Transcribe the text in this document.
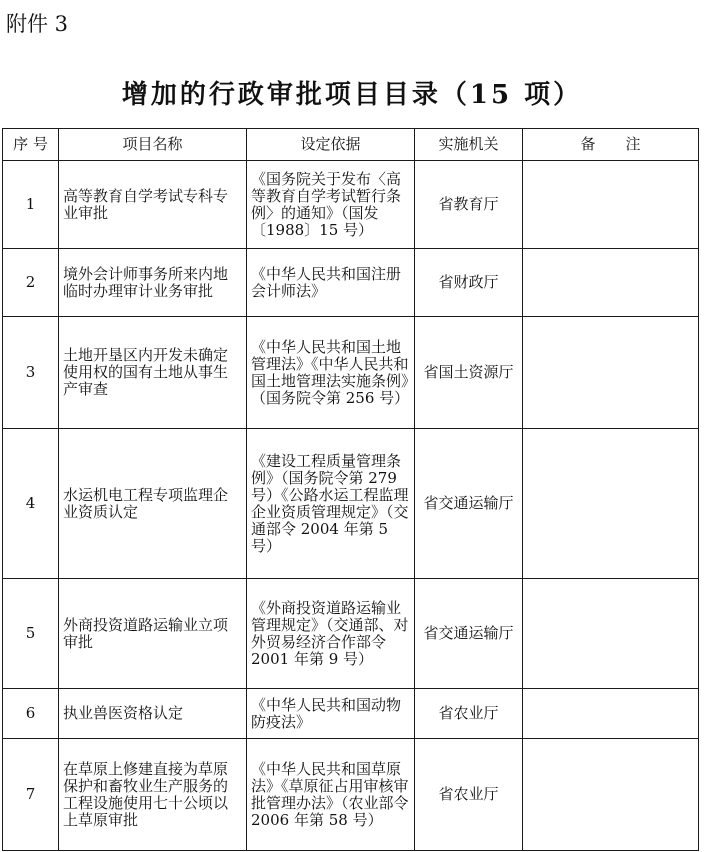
附件 3
增加的行政审批项目目录（15 项）
序 号	项目名称	设定依据	实施机关	备　　注
1	高等教育自学考试专科专业审批	《国务院关于发布〈高等教育自学考试暂行条例〉的通知》（国发〔1988〕15 号）	省教育厅	
2	境外会计师事务所来内地临时办理审计业务审批	《中华人民共和国注册会计师法》	省财政厅	
3	土地开垦区内开发未确定使用权的国有土地从事生产审查	《中华人民共和国土地管理法》《中华人民共和国土地管理法实施条例》（国务院令第 256 号）	省国土资源厅	
4	水运机电工程专项监理企业资质认定	《建设工程质量管理条例》（国务院令第 279 号）《公路水运工程监理企业资质管理规定》（交通部令 2004 年第 5 号）	省交通运输厅	
5	外商投资道路运输业立项审批	《外商投资道路运输业管理规定》（交通部、对外贸易经济合作部令 2001 年第 9 号）	省交通运输厅	
6	执业兽医资格认定	《中华人民共和国动物防疫法》	省农业厅	
7	在草原上修建直接为草原保护和畜牧业生产服务的工程设施使用七十公顷以上草原审批	《中华人民共和国草原法》《草原征占用审核审批管理办法》（农业部令 2006 年第 58 号）	省农业厅	
